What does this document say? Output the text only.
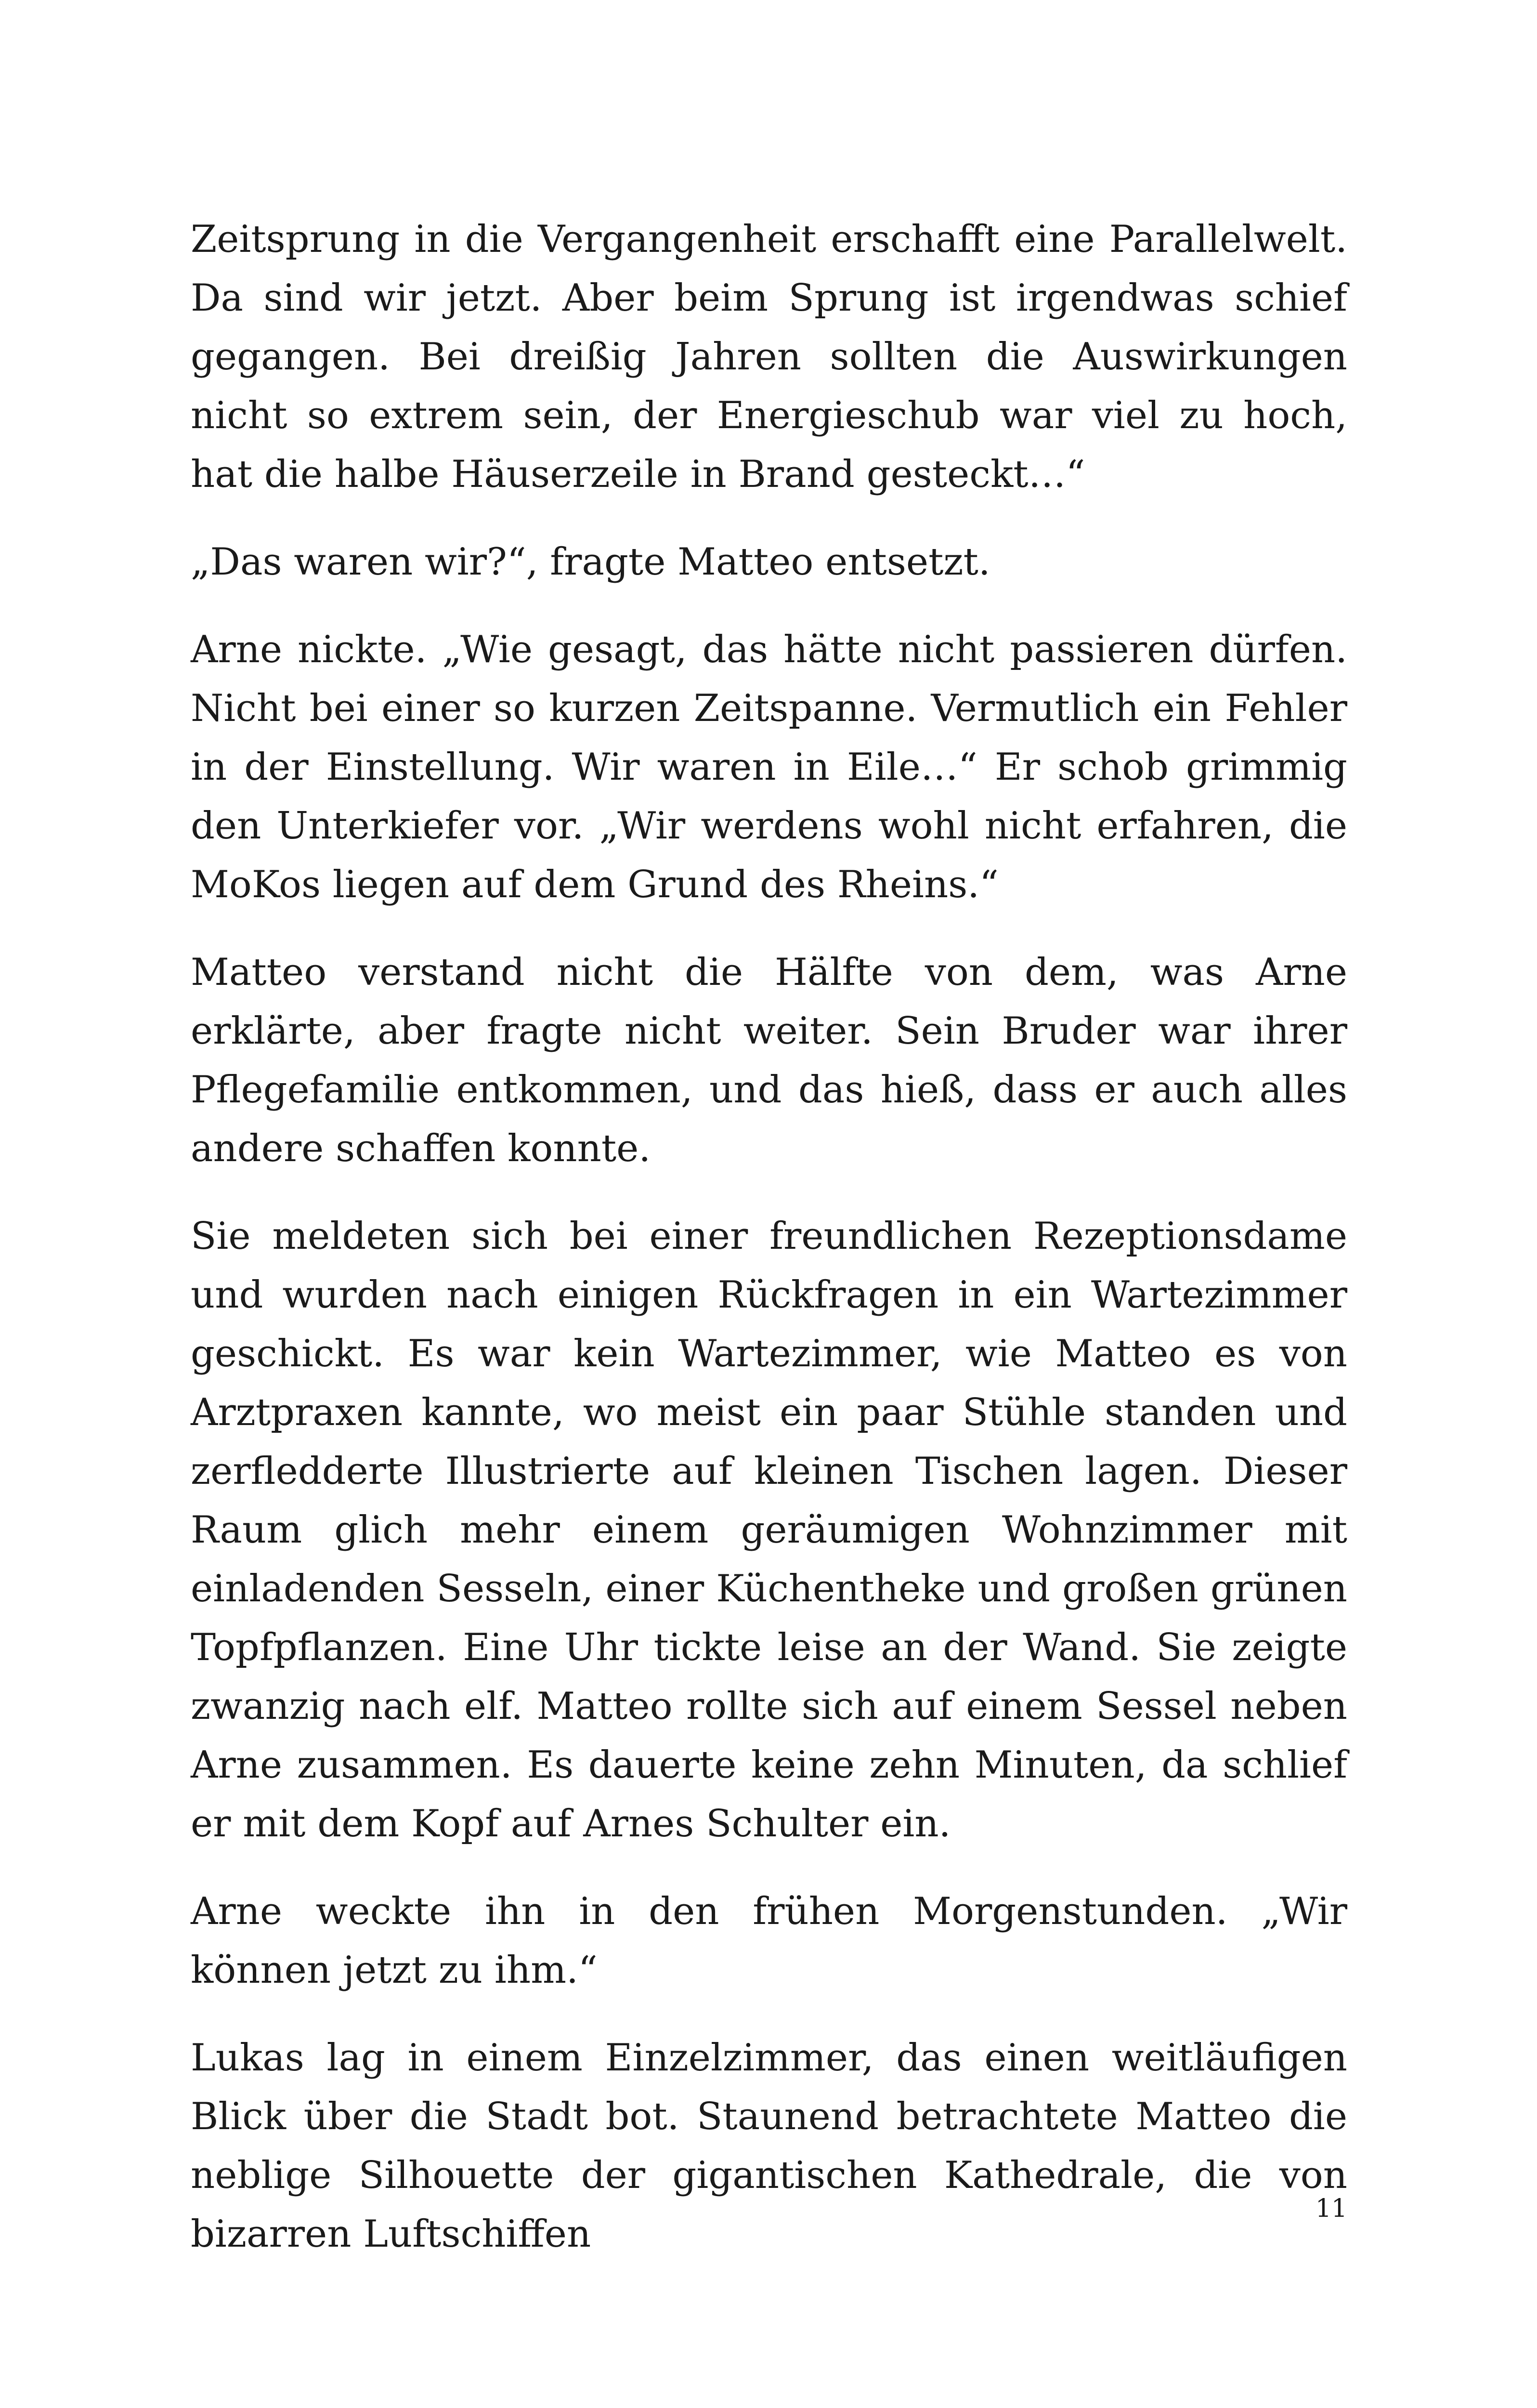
Zeitsprung in die Vergangenheit erschafft eine Parallelwelt. Da sind wir jetzt. Aber beim Sprung ist irgendwas schief gegangen. Bei dreißig Jahren sollten die Auswirkungen nicht so extrem sein, der Energieschub war viel zu hoch, hat die halbe Häuserzeile in Brand gesteckt…“

„Das waren wir?“, fragte Matteo entsetzt.

Arne nickte. „Wie gesagt, das hätte nicht passieren dürfen. Nicht bei einer so kurzen Zeitspanne. Vermutlich ein Fehler in der Einstellung. Wir waren in Eile…“ Er schob grimmig den Unterkiefer vor. „Wir werdens wohl nicht erfahren, die MoKos liegen auf dem Grund des Rheins.“

Matteo verstand nicht die Hälfte von dem, was Arne erklärte, aber fragte nicht weiter. Sein Bruder war ihrer Pflegefamilie entkommen, und das hieß, dass er auch alles andere schaffen konnte.

Sie meldeten sich bei einer freundlichen Rezeptionsdame und wurden nach einigen Rückfragen in ein Wartezimmer geschickt. Es war kein Wartezimmer, wie Matteo es von Arztpraxen kannte, wo meist ein paar Stühle standen und zerfledderte Illustrierte auf kleinen Tischen lagen. Dieser Raum glich mehr einem geräumigen Wohnzimmer mit einladenden Sesseln, einer Küchentheke und großen grünen Topfpflanzen. Eine Uhr tickte leise an der Wand. Sie zeigte zwanzig nach elf. Matteo rollte sich auf einem Sessel neben Arne zusammen. Es dauerte keine zehn Minuten, da schlief er mit dem Kopf auf Arnes Schulter ein.

Arne weckte ihn in den frühen Morgenstunden. „Wir können jetzt zu ihm.“

Lukas lag in einem Einzelzimmer, das einen weitläufigen Blick über die Stadt bot. Staunend betrachtete Matteo die neblige Silhouette der gigantischen Kathedrale, die von bizarren Luftschiffen

11
